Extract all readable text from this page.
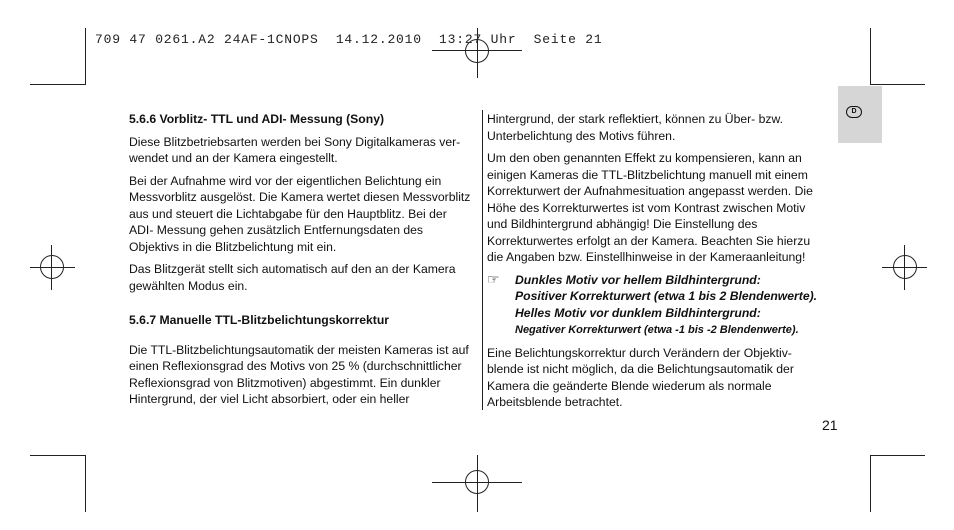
709 47 0261.A2 24AF-1CNOPS  14.12.2010  13:27 Uhr  Seite 21
D

5.6.6 Vorblitz- TTL und ADI- Messung (Sony)

Diese Blitzbetriebsarten werden bei Sony Digitalkameras ver-
wendet und an der Kamera eingestellt.

Bei der Aufnahme wird vor der eigentlichen Belichtung ein
Messvorblitz ausgelöst. Die Kamera wertet diesen Messvorblitz
aus und steuert die Lichtabgabe für den Hauptblitz. Bei der
ADI- Messung gehen zusätzlich Entfernungsdaten des
Objektivs in die Blitzbelichtung mit ein.

Das Blitzgerät stellt sich automatisch auf den an der Kamera
gewählten Modus ein.

5.6.7 Manuelle TTL-Blitzbelichtungskorrektur

Die TTL-Blitzbelichtungsautomatik der meisten Kameras ist auf
einen Reflexionsgrad des Motivs von 25 % (durchschnittlicher
Reflexionsgrad von Blitzmotiven) abgestimmt. Ein dunkler
Hintergrund, der viel Licht absorbiert, oder ein heller

Hintergrund, der stark reflektiert, können zu Über- bzw.
Unterbelichtung des Motivs führen.

Um den oben genannten Effekt zu kompensieren, kann an
einigen Kameras die TTL-Blitzbelichtung manuell mit einem
Korrekturwert der Aufnahmesituation angepasst werden. Die
Höhe des Korrekturwertes ist vom Kontrast zwischen Motiv
und Bildhintergrund abhängig! Die Einstellung des
Korrekturwertes erfolgt an der Kamera. Beachten Sie hierzu
die Angaben bzw. Einstellhinweise in der Kameraanleitung!

☞ Dunkles Motiv vor hellem Bildhintergrund:
Positiver Korrekturwert (etwa 1 bis 2 Blendenwerte).
Helles Motiv vor dunklem Bildhintergrund:
Negativer Korrekturwert (etwa -1 bis -2 Blendenwerte).

Eine Belichtungskorrektur durch Verändern der Objektiv-
blende ist nicht möglich, da die Belichtungsautomatik der
Kamera die geänderte Blende wiederum als normale
Arbeitsblende betrachtet.

21
